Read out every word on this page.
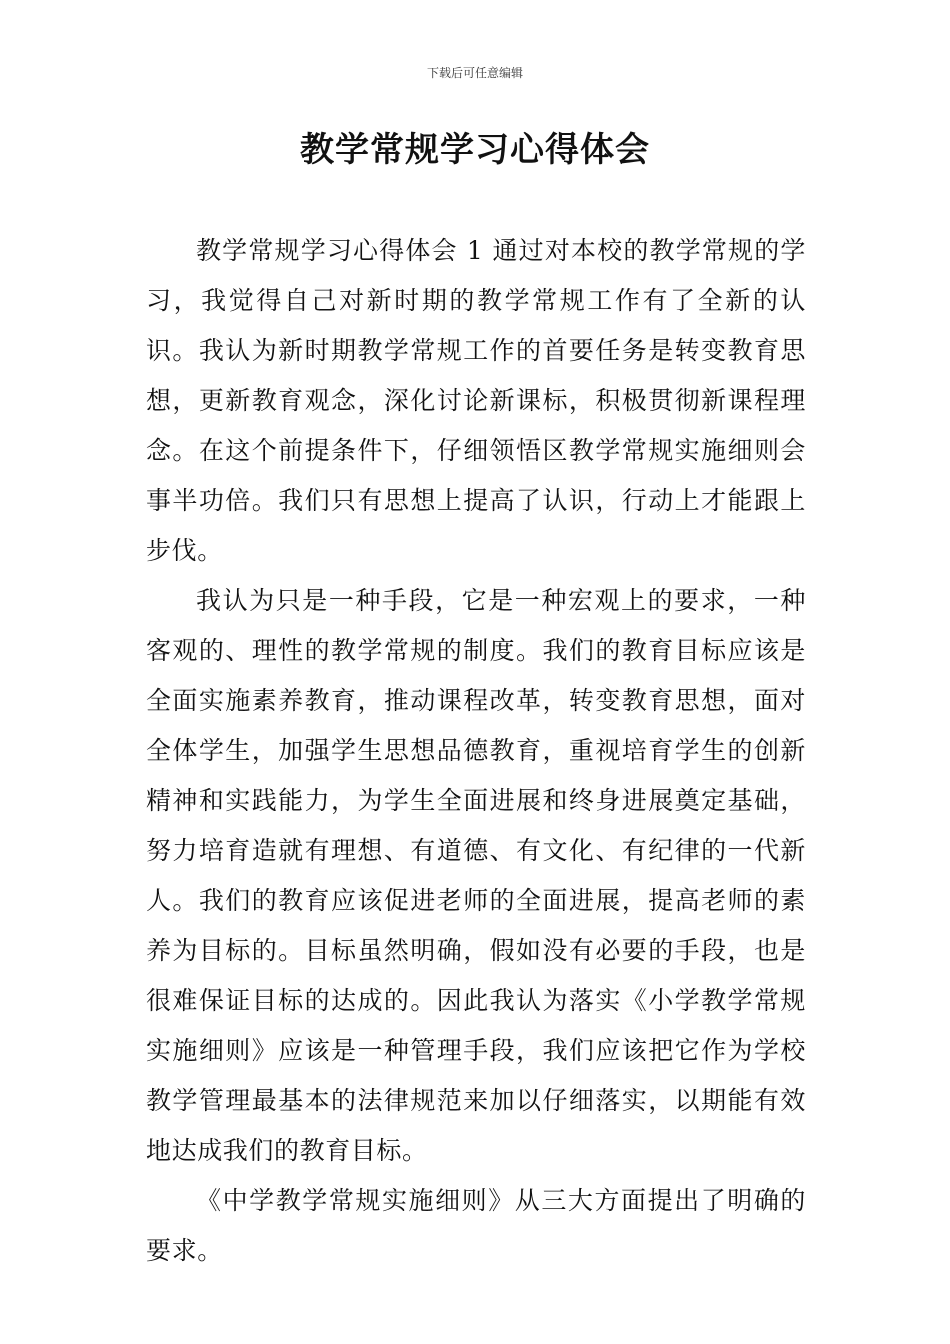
下载后可任意编辑
教学常规学习心得体会

教学常规学习心得体会 1 通过对本校的教学常规的学习，我觉得自己对新时期的教学常规工作有了全新的认识。我认为新时期教学常规工作的首要任务是转变教育思想，更新教育观念，深化讨论新课标，积极贯彻新课程理念。在这个前提条件下，仔细领悟区教学常规实施细则会事半功倍。我们只有思想上提高了认识，行动上才能跟上步伐。

我认为只是一种手段，它是一种宏观上的要求，一种客观的、理性的教学常规的制度。我们的教育目标应该是全面实施素养教育，推动课程改革，转变教育思想，面对全体学生，加强学生思想品德教育，重视培育学生的创新精神和实践能力，为学生全面进展和终身进展奠定基础，努力培育造就有理想、有道德、有文化、有纪律的一代新人。我们的教育应该促进老师的全面进展，提高老师的素养为目标的。目标虽然明确，假如没有必要的手段，也是很难保证目标的达成的。因此我认为落实《小学教学常规实施细则》应该是一种管理手段，我们应该把它作为学校教学管理最基本的法律规范来加以仔细落实，以期能有效地达成我们的教育目标。

《中学教学常规实施细则》从三大方面提出了明确的要求。
